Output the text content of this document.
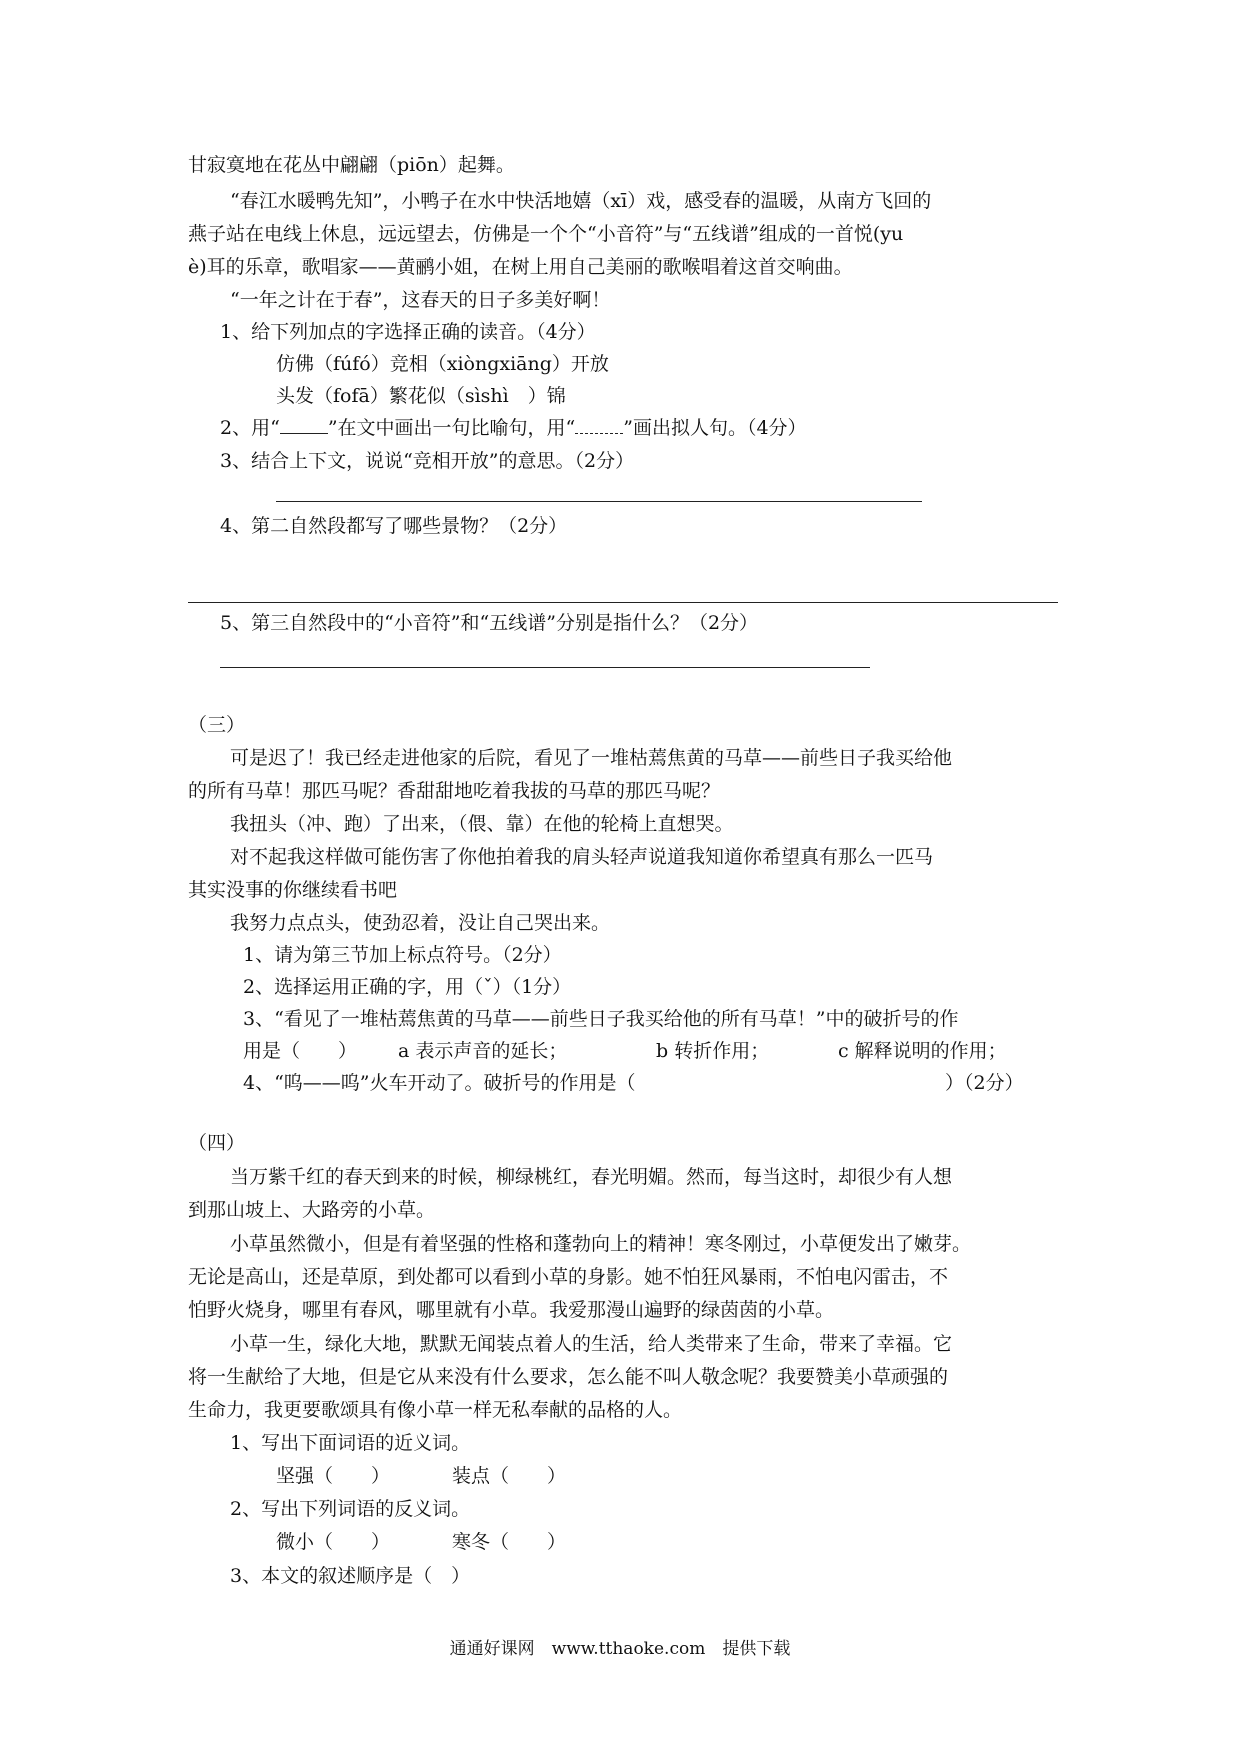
甘寂寞地在花丛中翩翩（piōn）起舞。
“春江水暖鸭先知”，小鸭子在水中快活地嬉（xī）戏，感受春的温暖，从南方飞回的
燕子站在电线上休息，远远望去，仿佛是一个个“小音符”与“五线谱”组成的一首悦(yu
è)耳的乐章，歌唱家——黄鹂小姐，在树上用自己美丽的歌喉唱着这首交响曲。
“一年之计在于春”，这春天的日子多美好啊！
1、给下列加点的字选择正确的读音。（4分）
仿佛（fúfó）竞相（xiòngxiāng）开放
头发（fofā）繁花似（sìshì　）锦
2、用“	”在文中画出一句比喻句，用“	”画出拟人句。（4分）
3、结合上下文，说说“竞相开放”的意思。（2分）
4、第二自然段都写了哪些景物？（2分）
5、第三自然段中的“小音符”和“五线谱”分别是指什么？（2分）
（三）
可是迟了！我已经走进他家的后院，看见了一堆枯蔫焦黄的马草——前些日子我买给他
的所有马草！那匹马呢？香甜甜地吃着我拔的马草的那匹马呢？
我扭头（冲、跑）了出来，（偎、靠）在他的轮椅上直想哭。
对不起我这样做可能伤害了你他拍着我的肩头轻声说道我知道你希望真有那么一匹马
其实没事的你继续看书吧
我努力点点头，使劲忍着，没让自己哭出来。
1、请为第三节加上标点符号。（2分）
2、选择运用正确的字，用（ˇ）（1分）
3、“看见了一堆枯蔫焦黄的马草——前些日子我买给他的所有马草！”中的破折号的作
用是（　　） a 表示声音的延长；	b 转折作用；	c 解释说明的作用；
4、“呜——呜”火车开动了。破折号的作用是（	）（2分）
（四）
当万紫千红的春天到来的时候，柳绿桃红，春光明媚。然而，每当这时，却很少有人想
到那山坡上、大路旁的小草。
小草虽然微小，但是有着坚强的性格和蓬勃向上的精神！寒冬刚过，小草便发出了嫩芽。
无论是高山，还是草原，到处都可以看到小草的身影。她不怕狂风暴雨，不怕电闪雷击，不
怕野火烧身，哪里有春风，哪里就有小草。我爱那漫山遍野的绿茵茵的小草。
小草一生，绿化大地，默默无闻装点着人的生活，给人类带来了生命，带来了幸福。它
将一生献给了大地，但是它从来没有什么要求，怎么能不叫人敬念呢？我要赞美小草顽强的
生命力，我更要歌颂具有像小草一样无私奉献的品格的人。
1、写出下面词语的近义词。
坚强（　　）	装点（　　）
2、写出下列词语的反义词。
微小（　　）	寒冬（　　）
3、本文的叙述顺序是（　）
通通好课网　www.tthaoke.com　提供下载
